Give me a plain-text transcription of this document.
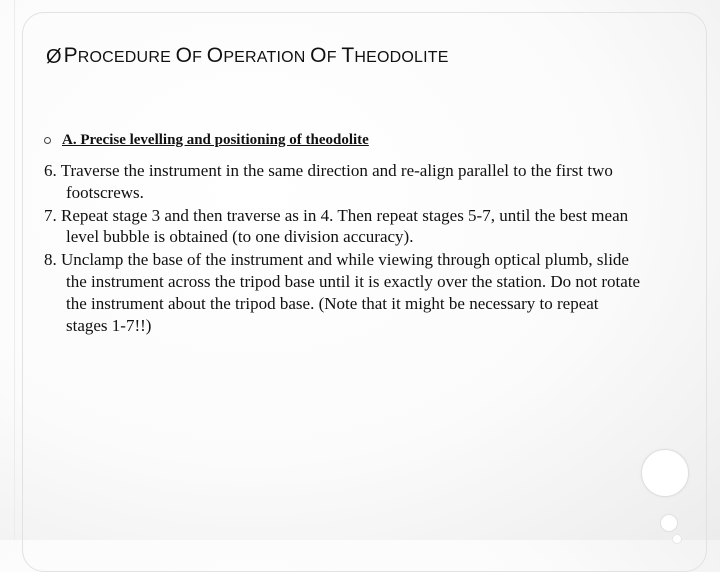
Ø PROCEDURE OF OPERATION OF THEODOLITE
A. Precise levelling and positioning of theodolite
6. Traverse the instrument in the same direction and re-align parallel to the first two footscrews.
7. Repeat stage 3 and then traverse as in 4. Then repeat stages 5-7, until the best mean level bubble is obtained (to one division accuracy).
8. Unclamp the base of the instrument and while viewing through optical plumb, slide the instrument across the tripod base until it is exactly over the station. Do not rotate the instrument about the tripod base. (Note that it might be necessary to repeat stages 1-7!!)
